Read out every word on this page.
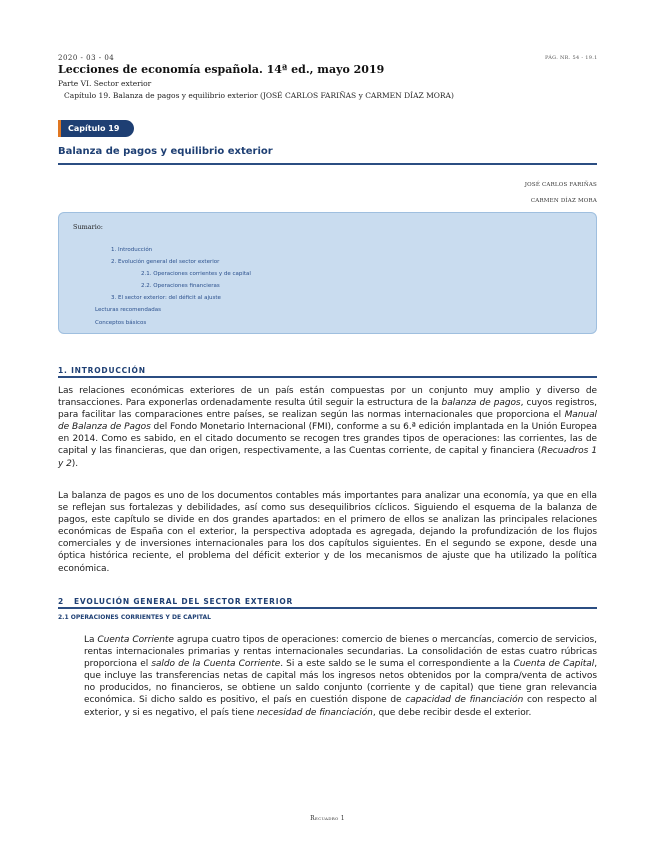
2020 - 03 - 04	PÁG. NR. 54 - 19.1
Lecciones de economía española. 14ª ed., mayo 2019
Parte VI. Sector exterior
Capítulo 19. Balanza de pagos y equilibrio exterior (JOSÉ CARLOS FARIÑAS y CARMEN DÍAZ MORA)
Capítulo 19
Balanza de pagos y equilibrio exterior
JOSÉ CARLOS FARIÑAS
CARMEN DÍAZ MORA
Sumario:
1. Introducción
2. Evolución general del sector exterior
2.1. Operaciones corrientes y de capital
2.2. Operaciones financieras
3. El sector exterior: del déficit al ajuste
Lecturas recomendadas
Conceptos básicos
1. INTRODUCCIÓN
Las relaciones económicas exteriores de un país están compuestas por un conjunto muy amplio y diverso de transacciones. Para exponerlas ordenadamente resulta útil seguir la estructura de la balanza de pagos, cuyos registros, para facilitar las comparaciones entre países, se realizan según las normas internacionales que proporciona el Manual de Balanza de Pagos del Fondo Monetario Internacional (FMI), conforme a su 6.ª edición implantada en la Unión Europea en 2014. Como es sabido, en el citado documento se recogen tres grandes tipos de operaciones: las corrientes, las de capital y las financieras, que dan origen, respectivamente, a las Cuentas corriente, de capital y financiera (Recuadros 1 y 2).
La balanza de pagos es uno de los documentos contables más importantes para analizar una economía, ya que en ella se reflejan sus fortalezas y debilidades, así como sus desequilibrios cíclicos. Siguiendo el esquema de la balanza de pagos, este capítulo se divide en dos grandes apartados: en el primero de ellos se analizan las principales relaciones económicas de España con el exterior, la perspectiva adoptada es agregada, dejando la profundización de los flujos comerciales y de inversiones internacionales para los dos capítulos siguientes. En el segundo se expone, desde una óptica histórica reciente, el problema del déficit exterior y de los mecanismos de ajuste que ha utilizado la política económica.
2	EVOLUCIÓN GENERAL DEL SECTOR EXTERIOR
2.1 OPERACIONES CORRIENTES Y DE CAPITAL
La Cuenta Corriente agrupa cuatro tipos de operaciones: comercio de bienes o mercancías, comercio de servicios, rentas internacionales primarias y rentas internacionales secundarias. La consolidación de estas cuatro rúbricas proporciona el saldo de la Cuenta Corriente. Si a este saldo se le suma el correspondiente a la Cuenta de Capital, que incluye las transferencias netas de capital más los ingresos netos obtenidos por la compra/venta de activos no producidos, no financieros, se obtiene un saldo conjunto (corriente y de capital) que tiene gran relevancia económica. Si dicho saldo es positivo, el país en cuestión dispone de capacidad de financiación con respecto al exterior, y si es negativo, el país tiene necesidad de financiación, que debe recibir desde el exterior.
Recuadro 1
